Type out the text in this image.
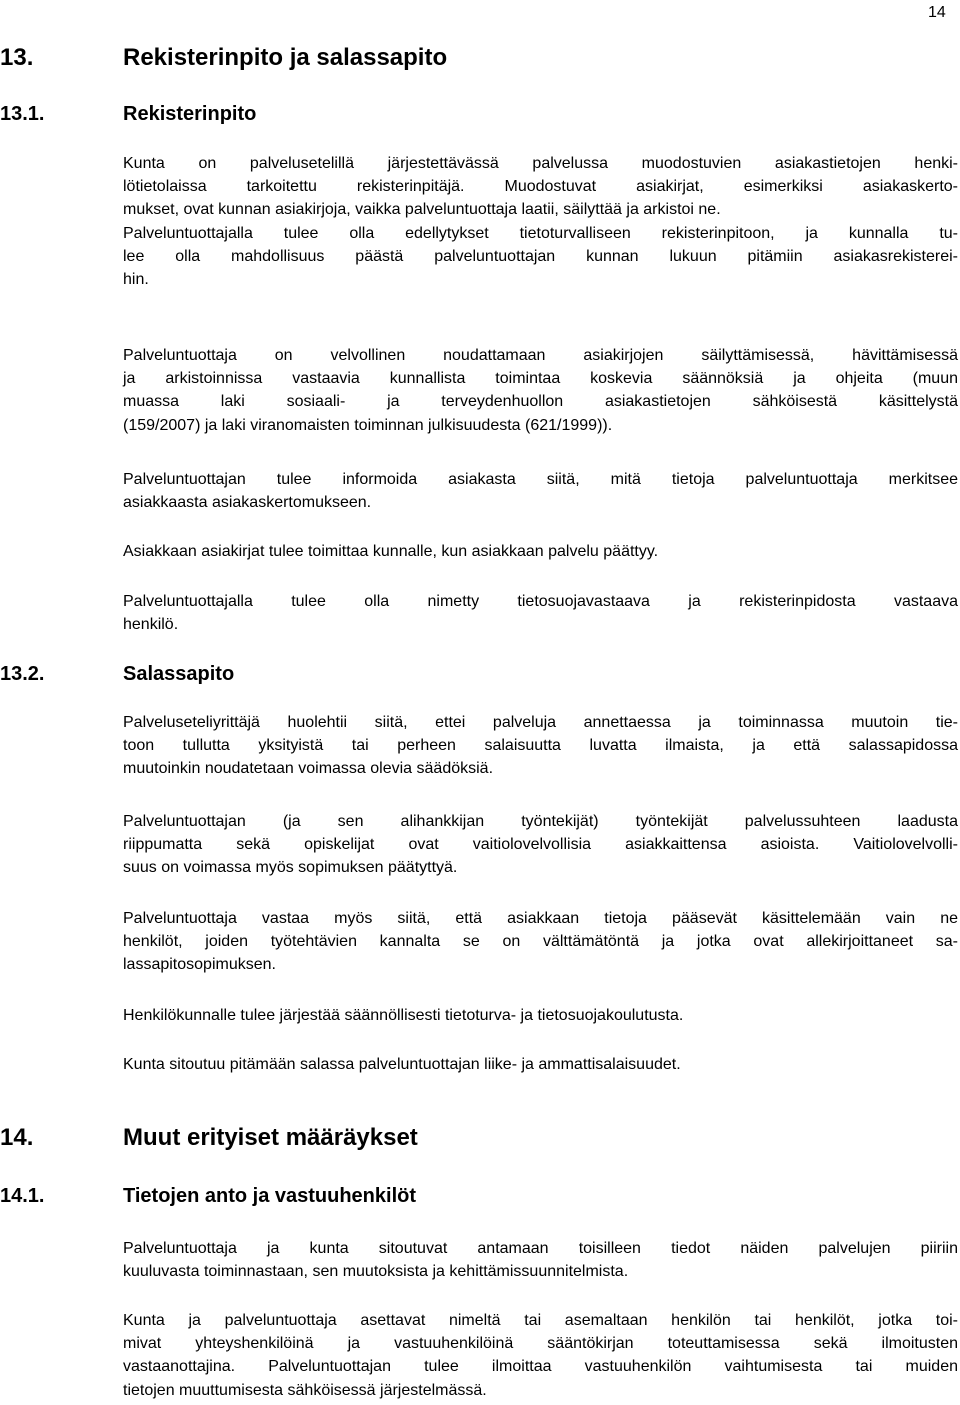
14
13.	Rekisterinpito ja salassapito
13.1.	Rekisterinpito

Kunta on palvelusetelillä järjestettävässä palvelussa muodostuvien asiakastietojen henki-
lötietolaissa tarkoitettu rekisterinpitäjä. Muodostuvat asiakirjat, esimerkiksi asiakaskerto-
mukset, ovat kunnan asiakirjoja, vaikka palveluntuottaja laatii, säilyttää ja arkistoi ne.

Palveluntuottajalla tulee olla edellytykset tietoturvalliseen rekisterinpitoon, ja kunnalla tu-
lee olla mahdollisuus päästä palveluntuottajan kunnan lukuun pitämiin asiakasrekisterei-
hin.

Palveluntuottaja on velvollinen noudattamaan asiakirjojen säilyttämisessä, hävittämisessä
ja arkistoinnissa vastaavia kunnallista toimintaa koskevia säännöksiä ja ohjeita (muun
muassa laki sosiaali- ja terveydenhuollon asiakastietojen sähköisestä käsittelystä
(159/2007) ja laki viranomaisten toiminnan julkisuudesta (621/1999)).

Palveluntuottajan tulee informoida asiakasta siitä, mitä tietoja palveluntuottaja merkitsee
asiakkaasta asiakaskertomukseen.

Asiakkaan asiakirjat tulee toimittaa kunnalle, kun asiakkaan palvelu päättyy.

Palveluntuottajalla tulee olla nimetty tietosuojavastaava ja rekisterinpidosta vastaava
henkilö.

13.2.	Salassapito

Palveluseteliyrittäjä huolehtii siitä, ettei palveluja annettaessa ja toiminnassa muutoin tie-
toon tullutta yksityistä tai perheen salaisuutta luvatta ilmaista, ja että salassapidossa
muutoinkin noudatetaan voimassa olevia säädöksiä.

Palveluntuottajan (ja sen alihankkijan työntekijät) työntekijät palvelussuhteen laadusta
riippumatta sekä opiskelijat ovat vaitiolovelvollisia asiakkaittensa asioista. Vaitiolovelvolli-
suus on voimassa myös sopimuksen päätyttyä.

Palveluntuottaja vastaa myös siitä, että asiakkaan tietoja pääsevät käsittelemään vain ne
henkilöt, joiden työtehtävien kannalta se on välttämätöntä ja jotka ovat allekirjoittaneet sa-
lassapitosopimuksen.

Henkilökunnalle tulee järjestää säännöllisesti tietoturva- ja tietosuojakoulutusta.

Kunta sitoutuu pitämään salassa palveluntuottajan liike- ja ammattisalaisuudet.

14.	Muut erityiset määräykset
14.1.	Tietojen anto ja vastuuhenkilöt

Palveluntuottaja ja kunta sitoutuvat antamaan toisilleen tiedot näiden palvelujen piiriin
kuuluvasta toiminnastaan, sen muutoksista ja kehittämissuunnitelmista.

Kunta ja palveluntuottaja asettavat nimeltä tai asemaltaan henkilön tai henkilöt, jotka toi-
mivat yhteyshenkilöinä ja vastuuhenkilöinä sääntökirjan toteuttamisessa sekä ilmoitusten
vastaanottajina. Palveluntuottajan tulee ilmoittaa vastuuhenkilön vaihtumisesta tai muiden
tietojen muuttumisesta sähköisessä järjestelmässä.
